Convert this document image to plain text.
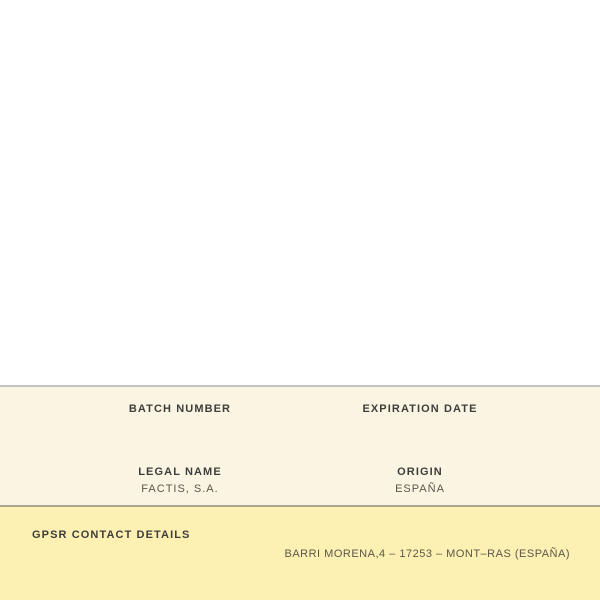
BATCH NUMBER	EXPIRATION DATE
LEGAL NAME
FACTIS, S.A.
ORIGIN
ESPAÑA
GPSR CONTACT DETAILS
BARRI MORENA,4 – 17253 – MONT–RAS (ESPAÑA)
